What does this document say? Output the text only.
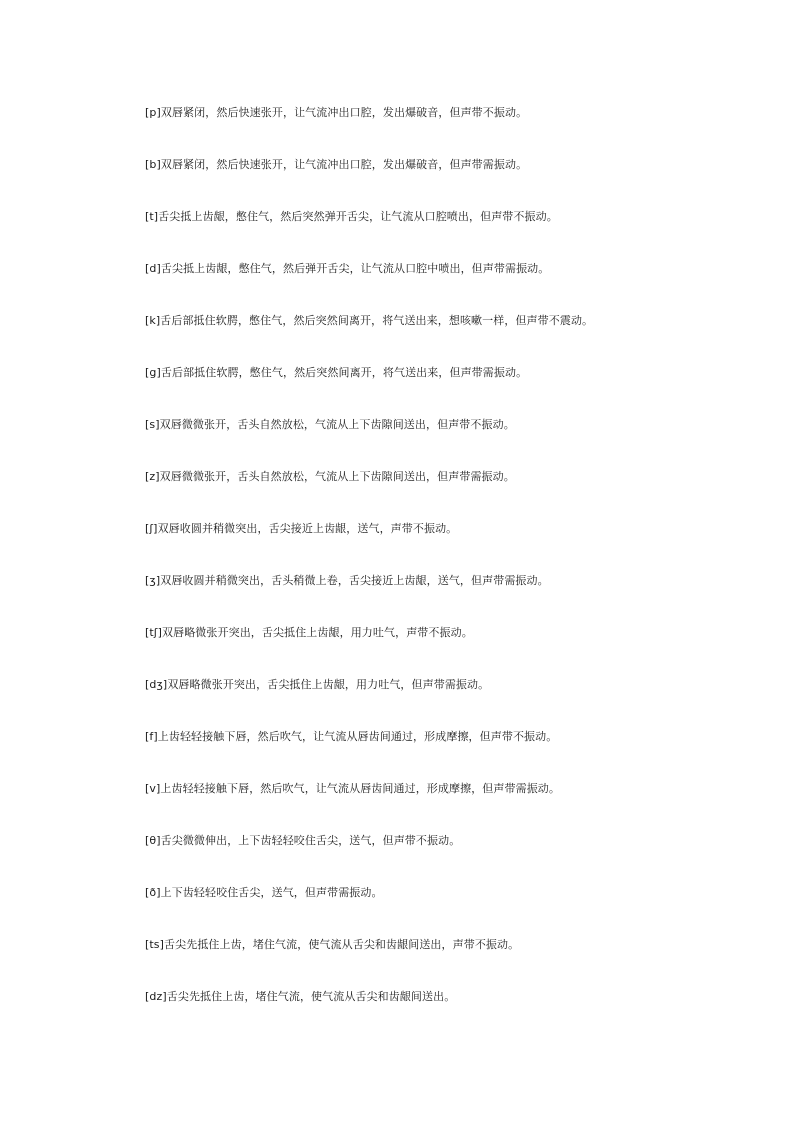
[p]双唇紧闭，然后快速张开，让气流冲出口腔，发出爆破音，但声带不振动。
[b]双唇紧闭，然后快速张开，让气流冲出口腔，发出爆破音，但声带需振动。
[t]舌尖抵上齿龈，憋住气，然后突然弹开舌尖，让气流从口腔喷出，但声带不振动。
[d]舌尖抵上齿龈，憋住气，然后弹开舌尖，让气流从口腔中喷出，但声带需振动。
[k]舌后部抵住软腭，憋住气，然后突然间离开，将气送出来，想咳嗽一样，但声带不震动。
[g]舌后部抵住软腭，憋住气，然后突然间离开，将气送出来，但声带需振动。
[s]双唇微微张开，舌头自然放松，气流从上下齿隙间送出，但声带不振动。
[z]双唇微微张开，舌头自然放松，气流从上下齿隙间送出，但声带需振动。
[ʃ]双唇收圆并稍微突出，舌尖接近上齿龈，送气，声带不振动。
[ʒ]双唇收圆并稍微突出，舌头稍微上卷，舌尖接近上齿龈，送气，但声带需振动。
[tʃ]双唇略微张开突出，舌尖抵住上齿龈，用力吐气，声带不振动。
[dʒ]双唇略微张开突出，舌尖抵住上齿龈，用力吐气，但声带需振动。
[f]上齿轻轻接触下唇，然后吹气，让气流从唇齿间通过，形成摩擦，但声带不振动。
[v]上齿轻轻接触下唇，然后吹气，让气流从唇齿间通过，形成摩擦，但声带需振动。
[θ]舌尖微微伸出，上下齿轻轻咬住舌尖，送气，但声带不振动。
[ð]上下齿轻轻咬住舌尖，送气，但声带需振动。
[ts]舌尖先抵住上齿，堵住气流，使气流从舌尖和齿龈间送出，声带不振动。
[dz]舌尖先抵住上齿，堵住气流，使气流从舌尖和齿龈间送出。
